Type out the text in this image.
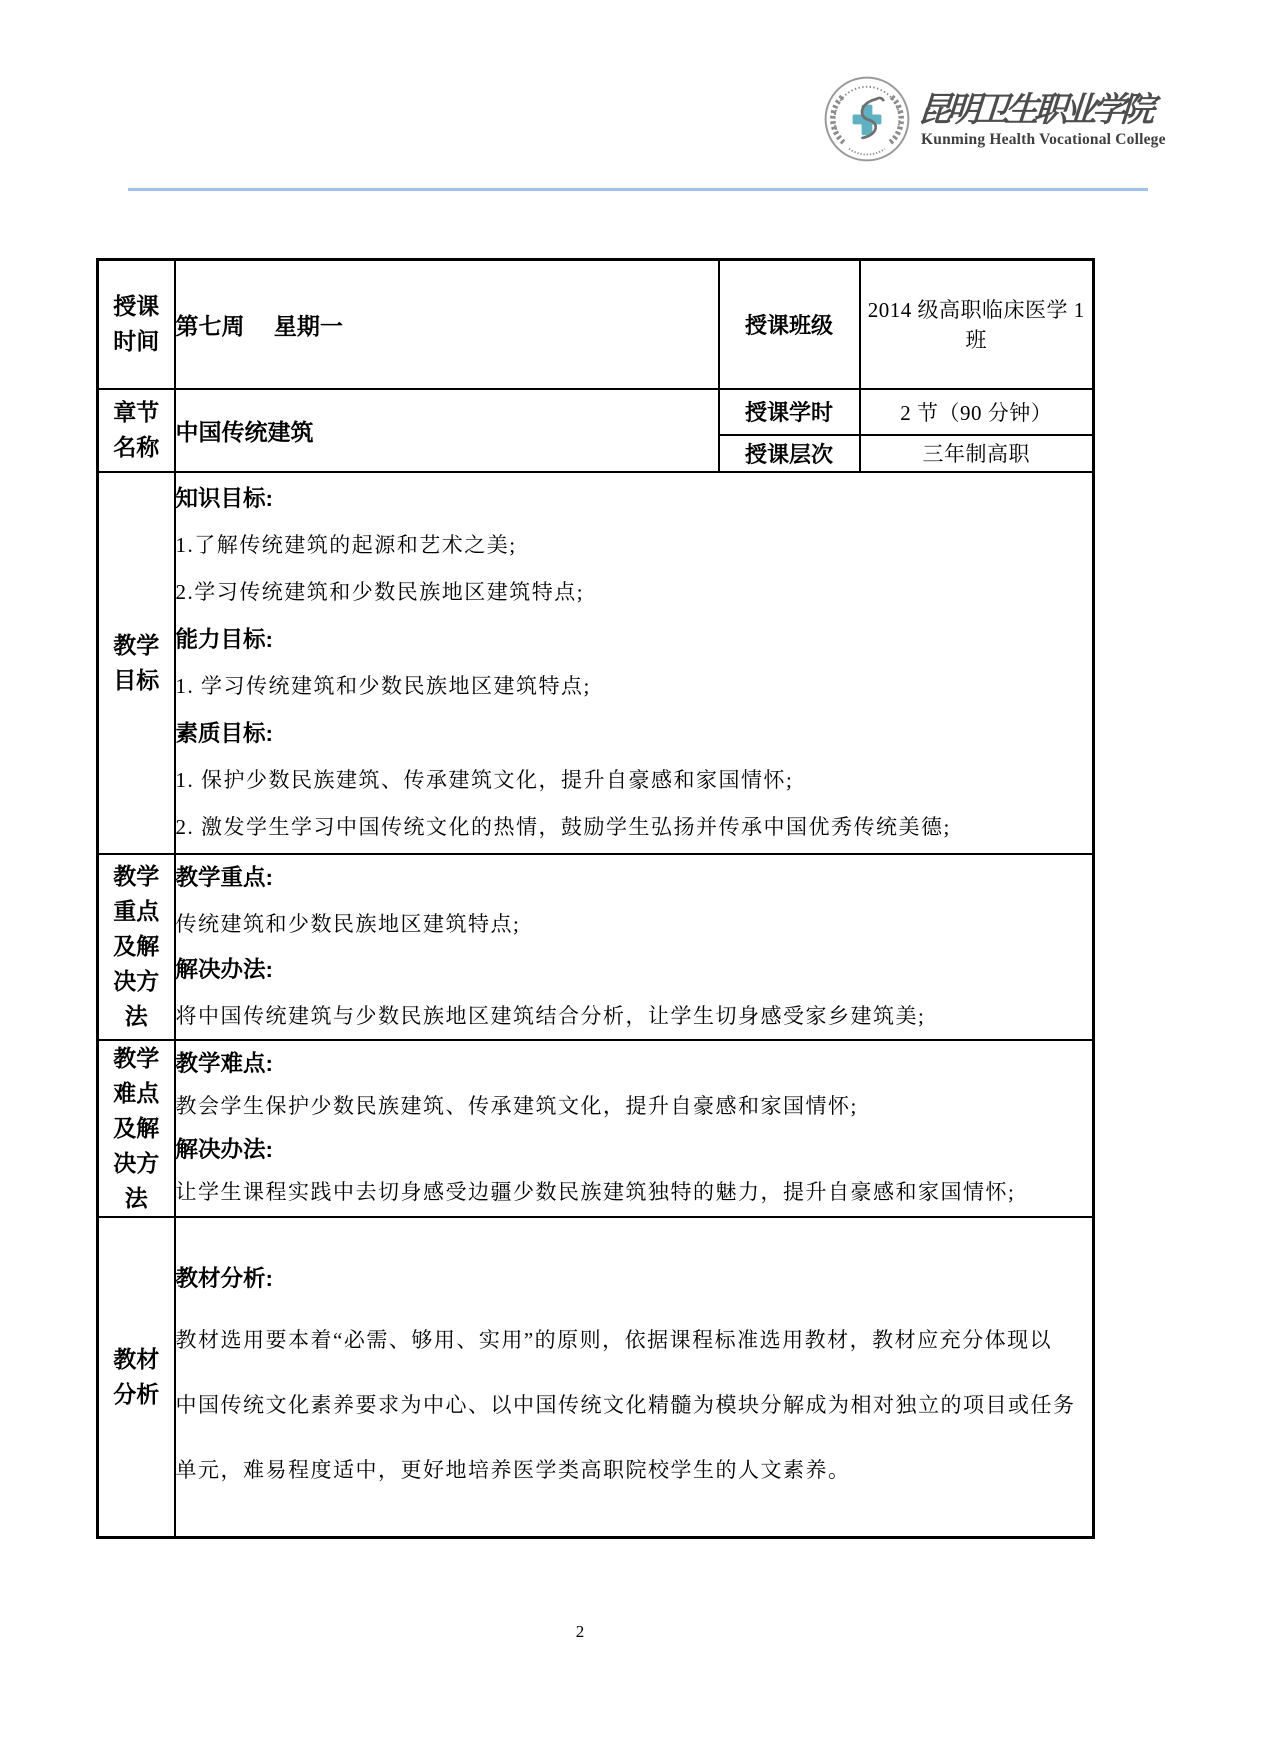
昆明卫生职业学院
Kunming Health Vocational College
授课时间	第七周　 星期一	授课班级	2014 级高职临床医学 1 班

章节名称	中国传统建筑	授课学时	2 节（90 分钟）
		授课层次	三年制高职

教学目标

知识目标:
1.了解传统建筑的起源和艺术之美;
2.学习传统建筑和少数民族地区建筑特点;
能力目标:
1. 学习传统建筑和少数民族地区建筑特点;
素质目标:
1. 保护少数民族建筑、传承建筑文化，提升自豪感和家国情怀;
2. 激发学生学习中国传统文化的热情，鼓励学生弘扬并传承中国优秀传统美德;

教学重点及解决方法	教学重点:
传统建筑和少数民族地区建筑特点;
解决办法:
将中国传统建筑与少数民族地区建筑结合分析，让学生切身感受家乡建筑美;		

教学难点及解决方法	教学难点:
教会学生保护少数民族建筑、传承建筑文化，提升自豪感和家国情怀;
解决办法:
让学生课程实践中去切身感受边疆少数民族建筑独特的魅力，提升自豪感和家国情怀;		

教材分析	教材分析:
教材选用要本着“必需、够用、实用”的原则，依据课程标准选用教材，教材应充分体现以
中国传统文化素养要求为中心、以中国传统文化精髓为模块分解成为相对独立的项目或任务
单元，难易程度适中，更好地培养医学类高职院校学生的人文素养。		
2
